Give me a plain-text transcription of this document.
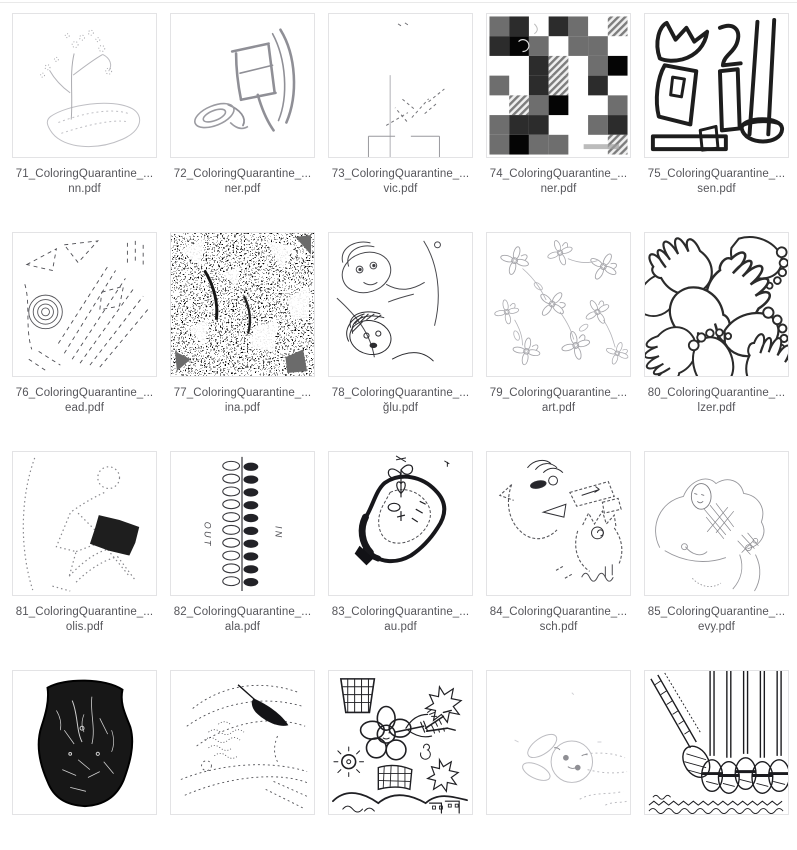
71_ColoringQuarantine_...
nn.pdf
72_ColoringQuarantine_...
ner.pdf
73_ColoringQuarantine_...
vic.pdf
74_ColoringQuarantine_...
ner.pdf
75_ColoringQuarantine_...
sen.pdf
76_ColoringQuarantine_...
ead.pdf
77_ColoringQuarantine_...
ina.pdf
78_ColoringQuarantine_...
ğlu.pdf
79_ColoringQuarantine_...
art.pdf
80_ColoringQuarantine_...
lzer.pdf
81_ColoringQuarantine_...
olis.pdf
OUT	IN
82_ColoringQuarantine_...
ala.pdf
83_ColoringQuarantine_...
au.pdf
84_ColoringQuarantine_...
sch.pdf
85_ColoringQuarantine_...
evy.pdf
